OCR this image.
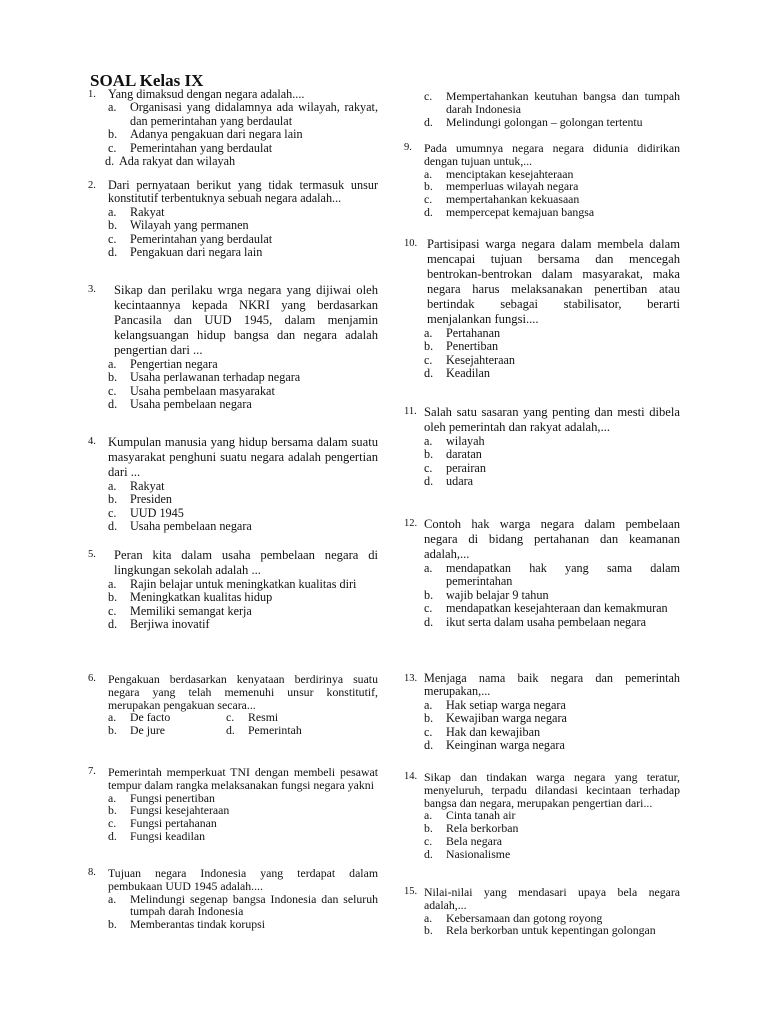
SOAL Kelas IX
1. Yang dimaksud dengan negara adalah....
a.	Organisasi yang didalamnya ada wilayah, rakyat, dan pemerintahan yang berdaulat
b.	Adanya pengakuan dari negara lain
c.	Pemerintahan yang berdaulat
d. Ada rakyat dan wilayah
2. Dari pernyataan berikut yang tidak termasuk unsur konstitutif terbentuknya sebuah negara adalah...
a.	Rakyat
b.	Wilayah yang permanen
c.	Pemerintahan yang berdaulat
d.	Pengakuan dari negara lain
3.	Sikap dan perilaku wrga negara yang dijiwai oleh kecintaannya kepada NKRI yang berdasarkan Pancasila dan UUD 1945, dalam menjamin kelangsuangan hidup bangsa dan negara adalah pengertian dari ...
a.	Pengertian negara
b.	Usaha perlawanan terhadap negara
c.	Usaha pembelaan masyarakat
d.	Usaha pembelaan negara
4. Kumpulan manusia yang hidup bersama dalam suatu masyarakat penghuni suatu negara adalah pengertian dari ...
a.	Rakyat
b.	Presiden
c.	UUD 1945
d.	Usaha pembelaan negara
5.	Peran kita dalam usaha pembelaan negara di lingkungan sekolah adalah ...
a.	Rajin belajar untuk meningkatkan kualitas diri
b.	Meningkatkan kualitas hidup
c.	Memiliki semangat kerja
d.	Berjiwa inovatif
6.	Pengakuan berdasarkan kenyataan berdirinya suatu negara yang telah memenuhi unsur konstitutif, merupakan pengakuan secara...
a.	De facto	c.	Resmi
b.	De jure	d.	Pemerintah
7.	Pemerintah memperkuat TNI dengan membeli pesawat tempur dalam rangka melaksanakan fungsi negara yakni
a.	Fungsi penertiban
b.	Fungsi kesejahteraan
c.	Fungsi pertahanan
d.	Fungsi keadilan
8.	Tujuan negara Indonesia yang terdapat dalam pembukaan UUD 1945 adalah....
a.	Melindungi segenap bangsa Indonesia dan seluruh tumpah darah Indonesia
b.	Memberantas tindak korupsi
c.	Mempertahankan keutuhan bangsa dan tumpah darah Indonesia
d.	Melindungi golongan – golongan tertentu
9.	Pada umumnya negara negara didunia didirikan dengan tujuan untuk,...
a.	menciptakan kesejahteraan
b.	memperluas wilayah negara
c.	mempertahankan kekuasaan
d.	mempercepat kemajuan bangsa
10. Partisipasi warga negara dalam membela dalam mencapai tujuan bersama dan mencegah bentrokan-bentrokan dalam masyarakat, maka negara harus melaksanakan penertiban atau bertindak sebagai stabilisator, berarti menjalankan fungsi....
a.	Pertahanan
b.	Penertiban
c.	Kesejahteraan
d.	Keadilan
11. Salah satu sasaran yang penting dan mesti dibela oleh pemerintah dan rakyat adalah,...
a.	wilayah
b.	daratan
c.	perairan
d.	udara
12. Contoh hak warga negara dalam pembelaan negara di bidang pertahanan dan keamanan adalah,...
a.	mendapatkan hak yang sama dalam pemerintahan
b.	wajib belajar 9 tahun
c.	mendapatkan kesejahteraan dan kemakmuran
d.	ikut serta dalam usaha pembelaan negara
13. Menjaga nama baik negara dan pemerintah merupakan,...
a.	Hak setiap warga negara
b.	Kewajiban warga negara
c.	Hak dan kewajiban
d.	Keinginan warga negara
14. Sikap dan tindakan warga negara yang teratur, menyeluruh, terpadu dilandasi kecintaan terhadap bangsa dan negara, merupakan pengertian dari...
a.	Cinta tanah air
b.	Rela berkorban
c.	Bela negara
d.	Nasionalisme
15. Nilai-nilai yang mendasari upaya bela negara adalah,...
a.	Kebersamaan dan gotong royong
b.	Rela berkorban untuk kepentingan golongan
